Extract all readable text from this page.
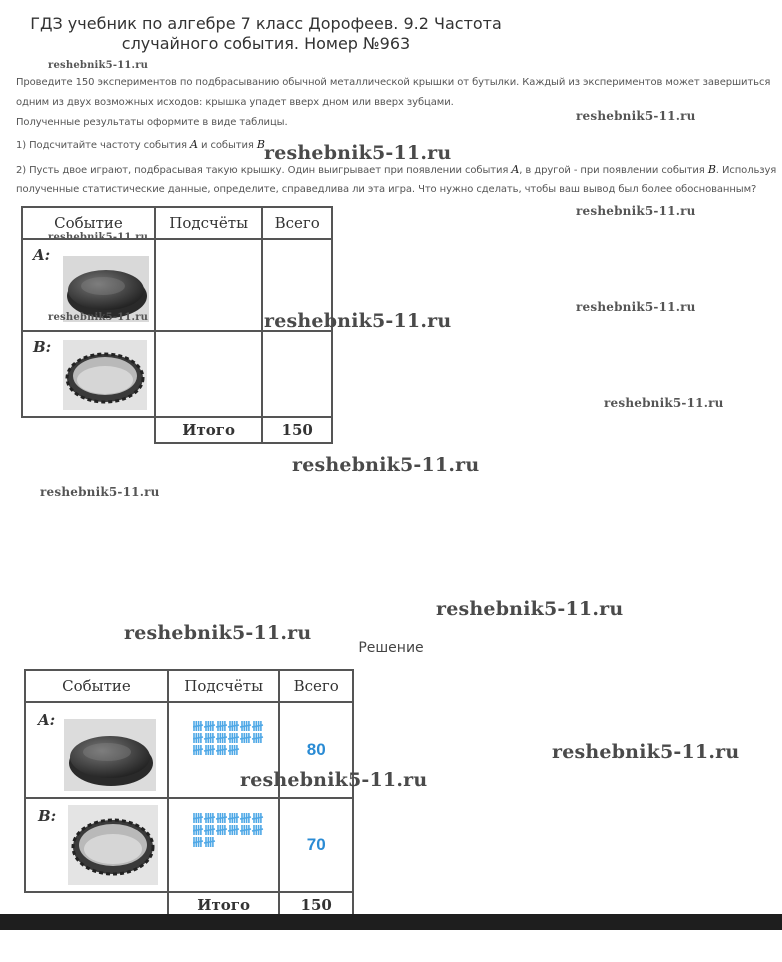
ГДЗ учебник по алгебре 7 класс Дорофеев. 9.2 Частота случайного события. Номер №963
Проведите 150 экспериментов по подбрасыванию обычной металлической крышки от бутылки. Каждый из экспериментов может завершиться
одним из двух возможных исходов: крышка упадет вверх дном или вверх зубцами.
Полученные результаты оформите в виде таблицы.
1) Подсчитайте частоту события A и события B
2) Пусть двое играют, подбрасывая такую крышку. Один выигрывает при появлении события A, в другой - при появлении события B. Используя
полученные статистические данные, определите, справедлива ли эта игра. Что нужно сделать, чтобы ваш вывод был более обоснованным?
Событие	Подсчёты	Всего

A:		

B:		

	Итого	150
reshebnik5-11.ru
reshebnik5-11.ru
reshebnik5-11.ru
reshebnik5-11.ru
reshebnik5-11.ru
reshebnik5-11.ru
reshebnik5-11.ru	reshebnik5-11.ru
reshebnik5-11.ru
reshebnik5-11.ru
reshebnik5-11.ru
reshebnik5-11.ru
reshebnik5-11.ru
Решение
Событие	Подсчёты	Всего

A:		80

B:		70
	Итого	150
reshebnik5-11.ru
reshebnik5-11.ru
